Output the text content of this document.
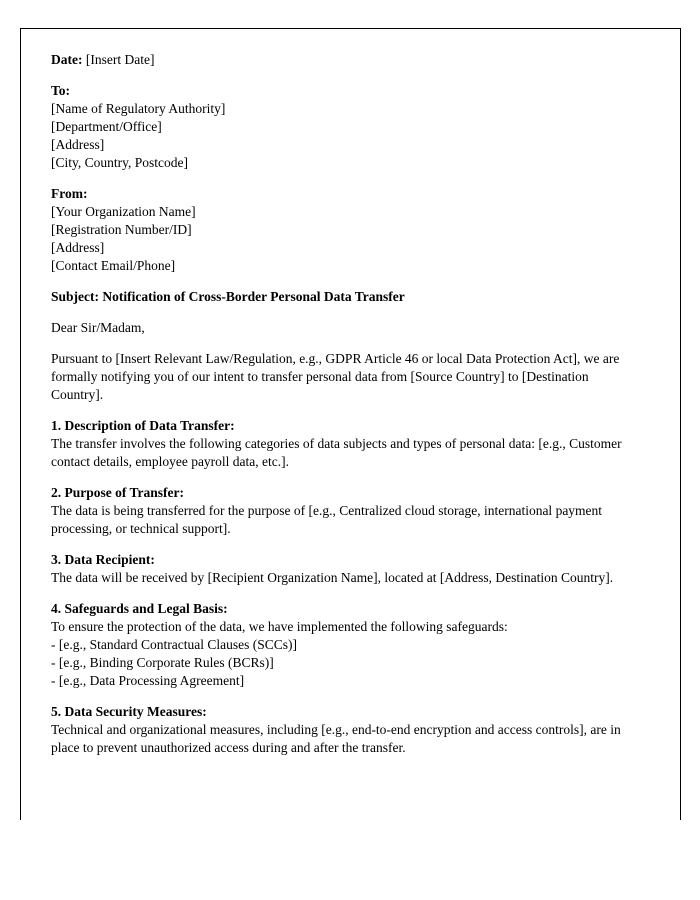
Date: [Insert Date]

To:

[Name of Regulatory Authority]

[Department/Office]

[Address]

[City, Country, Postcode]

From:

[Your Organization Name]

[Registration Number/ID]

[Address]

[Contact Email/Phone]

Subject: Notification of Cross-Border Personal Data Transfer

Dear Sir/Madam,

Pursuant to [Insert Relevant Law/Regulation, e.g., GDPR Article 46 or local Data Protection Act], we are formally notifying you of our intent to transfer personal data from [Source Country] to [Destination Country].

1. Description of Data Transfer:

The transfer involves the following categories of data subjects and types of personal data: [e.g., Customer contact details, employee payroll data, etc.].

2. Purpose of Transfer:

The data is being transferred for the purpose of [e.g., Centralized cloud storage, international payment processing, or technical support].

3. Data Recipient:

The data will be received by [Recipient Organization Name], located at [Address, Destination Country].

4. Safeguards and Legal Basis:

To ensure the protection of the data, we have implemented the following safeguards:

- [e.g., Standard Contractual Clauses (SCCs)]

- [e.g., Binding Corporate Rules (BCRs)]

- [e.g., Data Processing Agreement]

5. Data Security Measures:

Technical and organizational measures, including [e.g., end-to-end encryption and access controls], are in place to prevent unauthorized access during and after the transfer.
